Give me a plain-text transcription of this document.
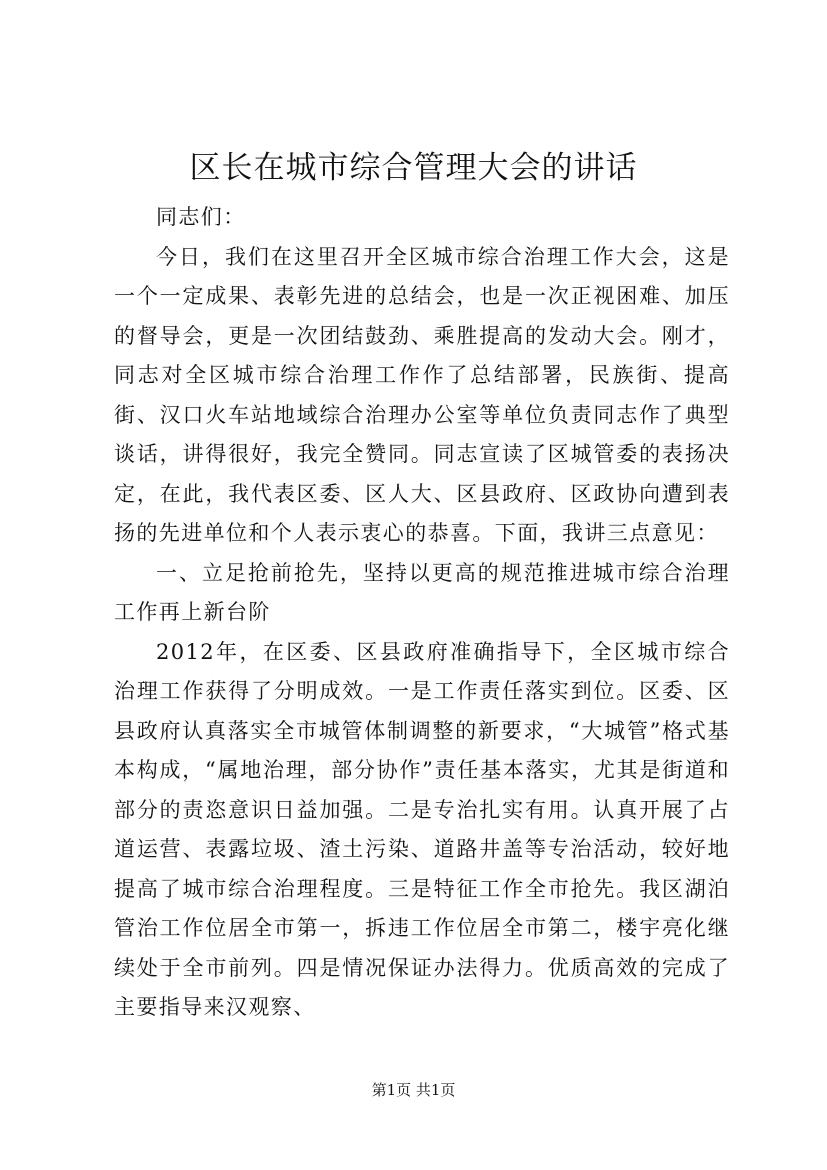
区长在城市综合管理大会的讲话

同志们：

今日，我们在这里召开全区城市综合治理工作大会，这是一个一定成果、表彰先进的总结会，也是一次正视困难、加压的督导会，更是一次团结鼓劲、乘胜提高的发动大会。刚才，同志对全区城市综合治理工作作了总结部署，民族街、提高街、汉口火车站地域综合治理办公室等单位负责同志作了典型谈话，讲得很好，我完全赞同。同志宣读了区城管委的表扬决定，在此，我代表区委、区人大、区县政府、区政协向遭到表扬的先进单位和个人表示衷心的恭喜。下面，我讲三点意见：

一、立足抢前抢先，坚持以更高的规范推进城市综合治理工作再上新台阶

2012年，在区委、区县政府准确指导下，全区城市综合治理工作获得了分明成效。一是工作责任落实到位。区委、区县政府认真落实全市城管体制调整的新要求，“大城管”格式基本构成，“属地治理，部分协作”责任基本落实，尤其是街道和部分的责恣意识日益加强。二是专治扎实有用。认真开展了占道运营、表露垃圾、渣土污染、道路井盖等专治活动，较好地提高了城市综合治理程度。三是特征工作全市抢先。我区湖泊管治工作位居全市第一，拆违工作位居全市第二，楼宇亮化继续处于全市前列。四是情况保证办法得力。优质高效的完成了主要指导来汉观察、

第1页 共1页
